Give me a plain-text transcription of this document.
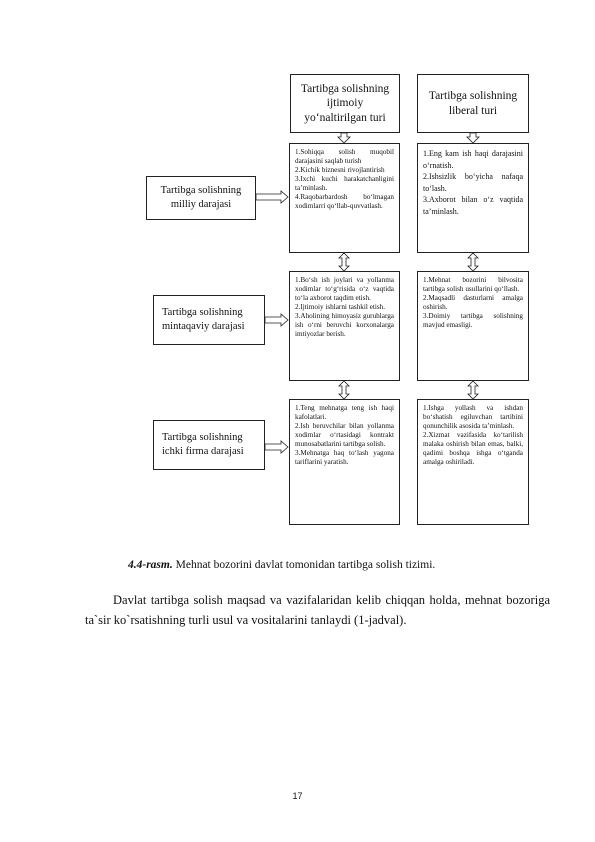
Tartibga solishning ijtimoiy yo‘naltirilgan turi
Tartibga solishning liberal turi
Tartibga solishning milliy darajasi
Tartibga solishning mintaqaviy darajasi
Tartibga solishning ichki firma darajasi
1.Sohiqqa solish muqobil darajasini saqlab turish
2.Kichik biznesni rivojlantirish
3.Ixchi kuchi harakatchanligini ta’minlash.
4.Raqobarbardosh bo‘lmagan xodimlarri qo‘llab-quvvatlash.
1.Eng kam ish haqi darajasini o‘rnatish.
2.Ishsizlik bo‘yicha nafaqa to‘lash.
3.Axborot bilan o‘z vaqtida ta’minlash.
1.Bo‘sh ish joylari va yollanma xodimlar to‘g‘risida o‘z vaqtida to‘la axborot taqdim etish.
2.Ijtimoiy ishlarni tashkil etish.
3.Aholining himoyasiz guruhlarga ish o‘rni beruvchi korxonalarga imtiyozlar berish.
1.Mehnat bozorini bilvosita tartibga solish usullarini qo‘llash.
2.Maqsadli dasturlarni amalga oshirish.
3.Doimiy tartibga solishning mavjud emasligi.
1.Teng mehnatga teng ish haqi kafolatlari.
2.Ish beruvchilar bilan yollanma xodimlar o‘rtasidagi kontrakt munosabatlarini tartibga solish.
3.Mehnatga haq to‘lash yagona tariflarini yaratish.
1.Ishga yollash va ishdan bo‘shatish egiluvchan tartibini qonunchilik asosida ta’minlash.
2.Xizmat vazifasida ko‘tarilish malaka oshirish bilan emas, balki, qadimi boshqa ishga o‘tganda amalga oshiriladi.
4.4-rasm. Mehnat bozorini davlat tomonidan tartibga solish tizimi.
Davlat tartibga solish maqsad va vazifalaridan kelib chiqqan holda, mehnat bozoriga ta`sir ko`rsatishning turli usul va vositalarini tanlaydi (1-jadval).
17
